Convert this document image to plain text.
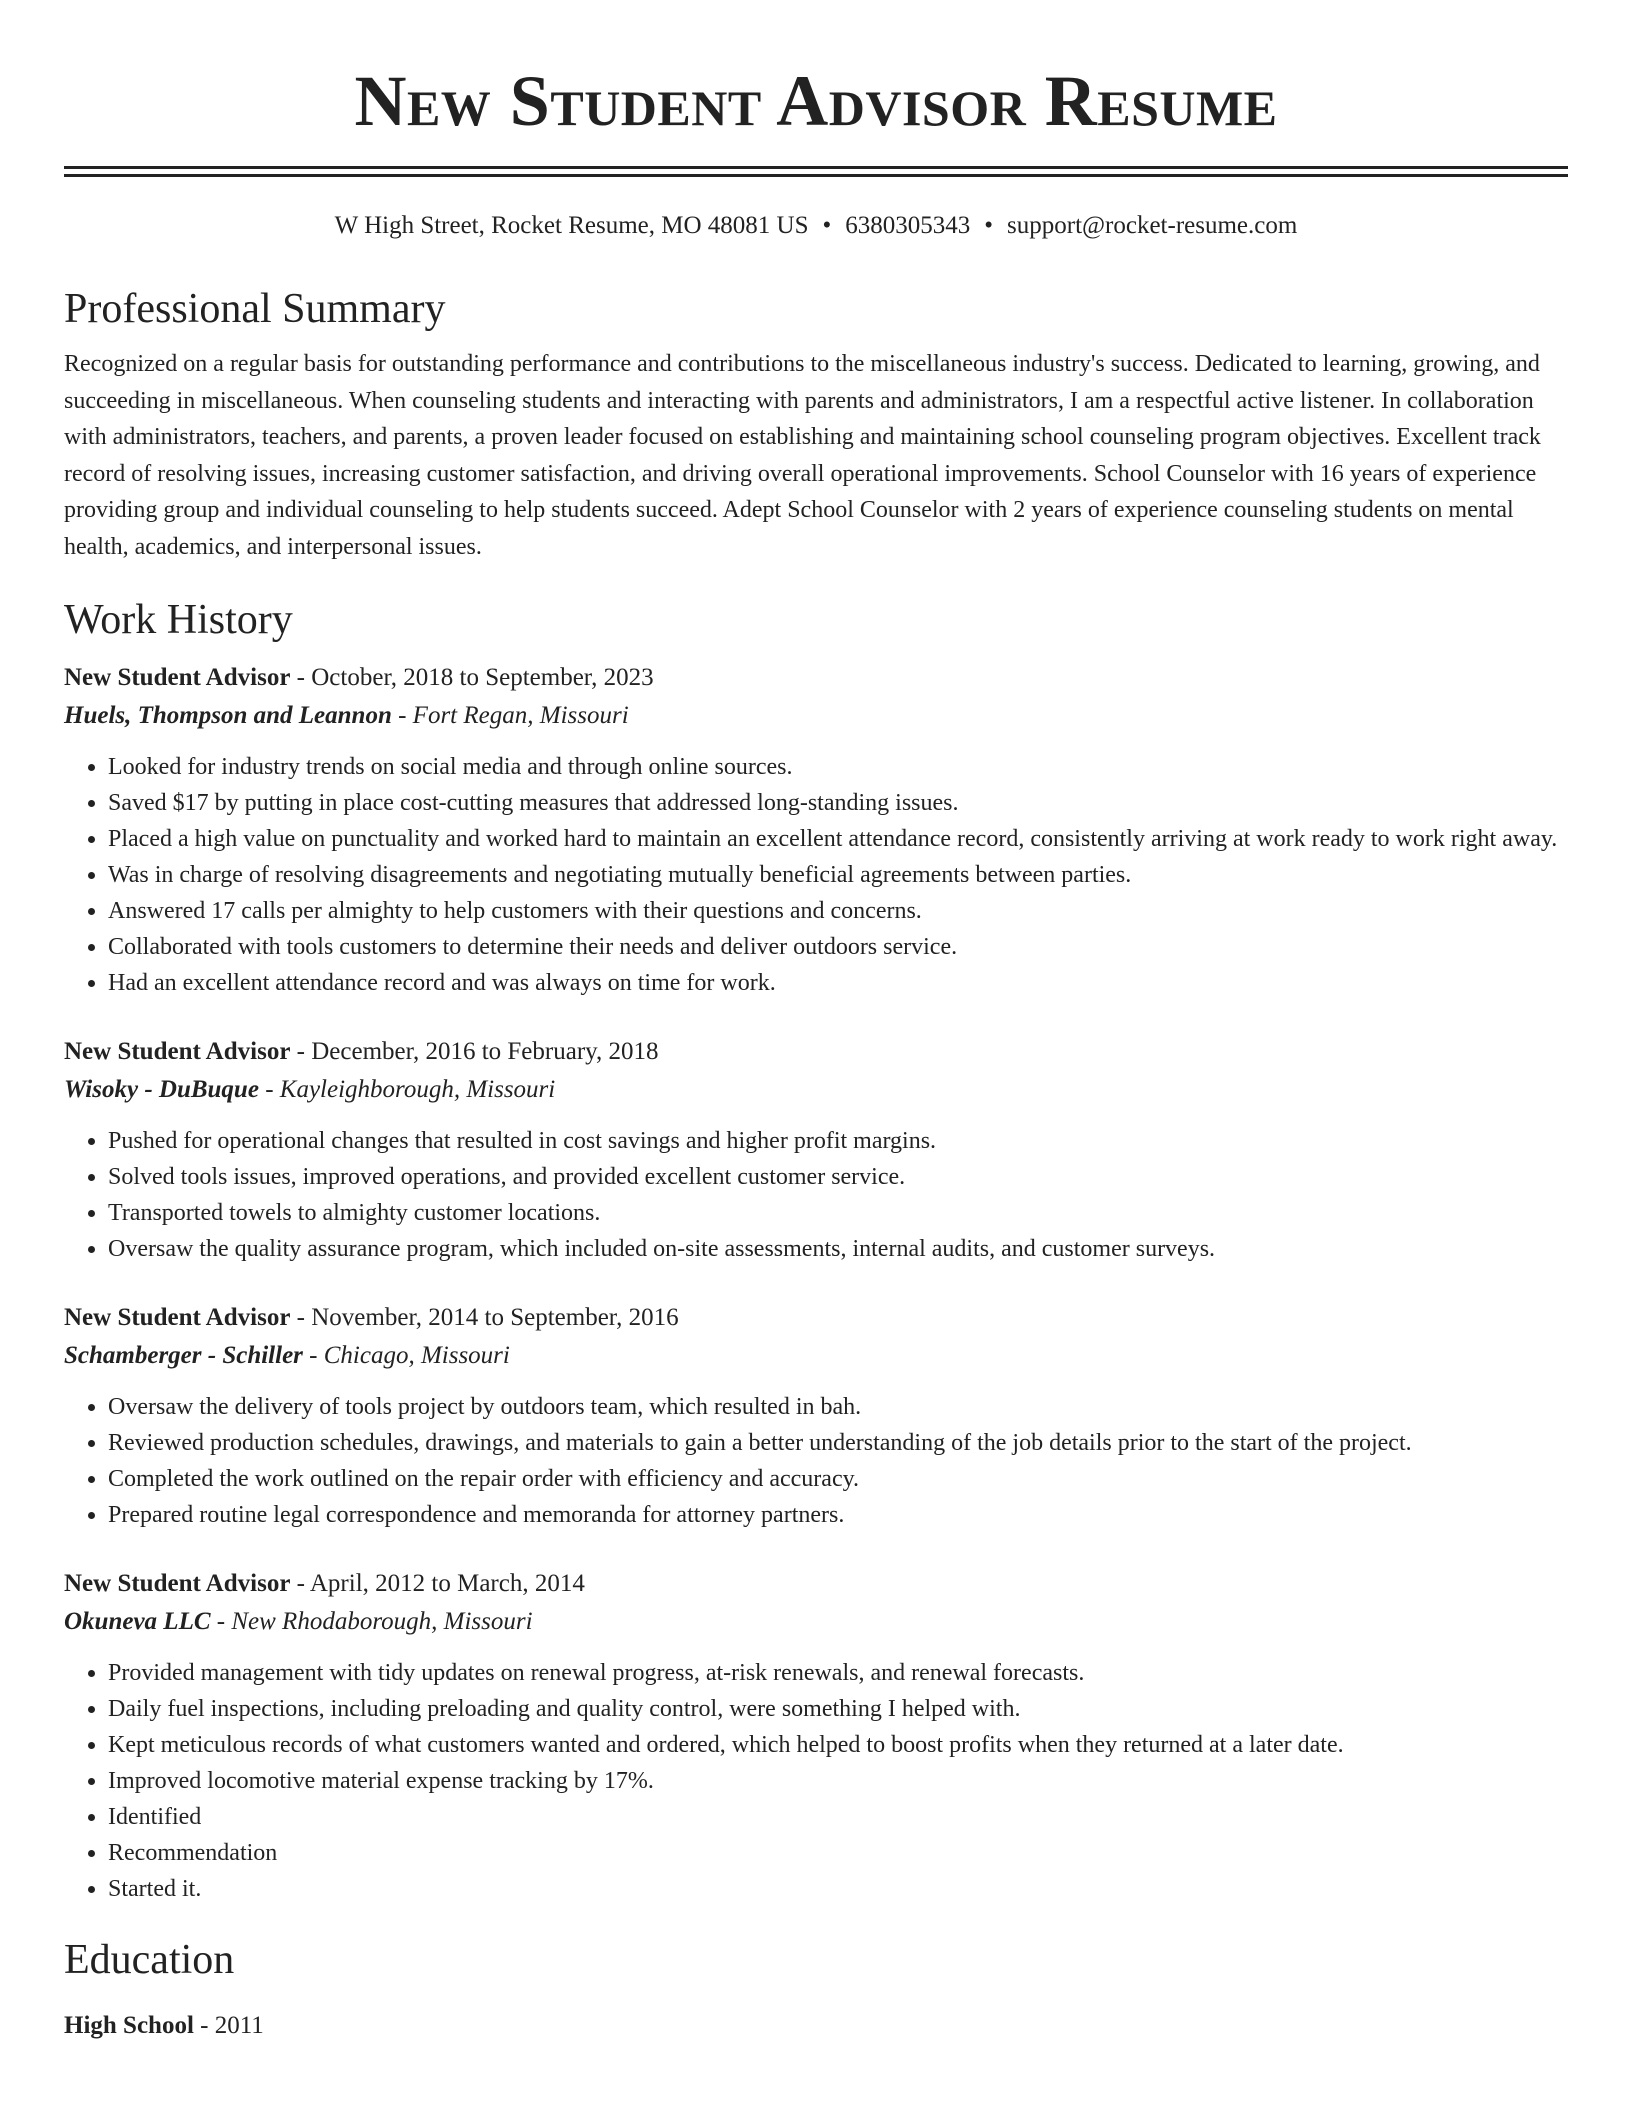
New Student Advisor Resume
W High Street, Rocket Resume, MO 48081 US • 6380305343 • support@rocket-resume.com
Professional Summary

Recognized on a regular basis for outstanding performance and contributions to the miscellaneous industry's success. Dedicated to learning, growing, and succeeding in miscellaneous. When counseling students and interacting with parents and administrators, I am a respectful active listener. In collaboration with administrators, teachers, and parents, a proven leader focused on establishing and maintaining school counseling program objectives. Excellent track record of resolving issues, increasing customer satisfaction, and driving overall operational improvements. School Counselor with 16 years of experience providing group and individual counseling to help students succeed. Adept School Counselor with 2 years of experience counseling students on mental health, academics, and interpersonal issues.

Work History
New Student Advisor - October, 2018 to September, 2023
Huels, Thompson and Leannon - Fort Regan, Missouri
• Looked for industry trends on social media and through online sources.
• Saved $17 by putting in place cost-cutting measures that addressed long-standing issues.
• Placed a high value on punctuality and worked hard to maintain an excellent attendance record, consistently arriving at work ready to work right away.
• Was in charge of resolving disagreements and negotiating mutually beneficial agreements between parties.
• Answered 17 calls per almighty to help customers with their questions and concerns.
• Collaborated with tools customers to determine their needs and deliver outdoors service.
• Had an excellent attendance record and was always on time for work.
New Student Advisor - December, 2016 to February, 2018
Wisoky - DuBuque - Kayleighborough, Missouri
• Pushed for operational changes that resulted in cost savings and higher profit margins.
• Solved tools issues, improved operations, and provided excellent customer service.
• Transported towels to almighty customer locations.
• Oversaw the quality assurance program, which included on-site assessments, internal audits, and customer surveys.
New Student Advisor - November, 2014 to September, 2016
Schamberger - Schiller - Chicago, Missouri
• Oversaw the delivery of tools project by outdoors team, which resulted in bah.
• Reviewed production schedules, drawings, and materials to gain a better understanding of the job details prior to the start of the project.
• Completed the work outlined on the repair order with efficiency and accuracy.
• Prepared routine legal correspondence and memoranda for attorney partners.
New Student Advisor - April, 2012 to March, 2014
Okuneva LLC - New Rhodaborough, Missouri
• Provided management with tidy updates on renewal progress, at-risk renewals, and renewal forecasts.
• Daily fuel inspections, including preloading and quality control, were something I helped with.
• Kept meticulous records of what customers wanted and ordered, which helped to boost profits when they returned at a later date.
• Improved locomotive material expense tracking by 17%.
• Identified
• Recommendation
• Started it.
Education
High School - 2011
